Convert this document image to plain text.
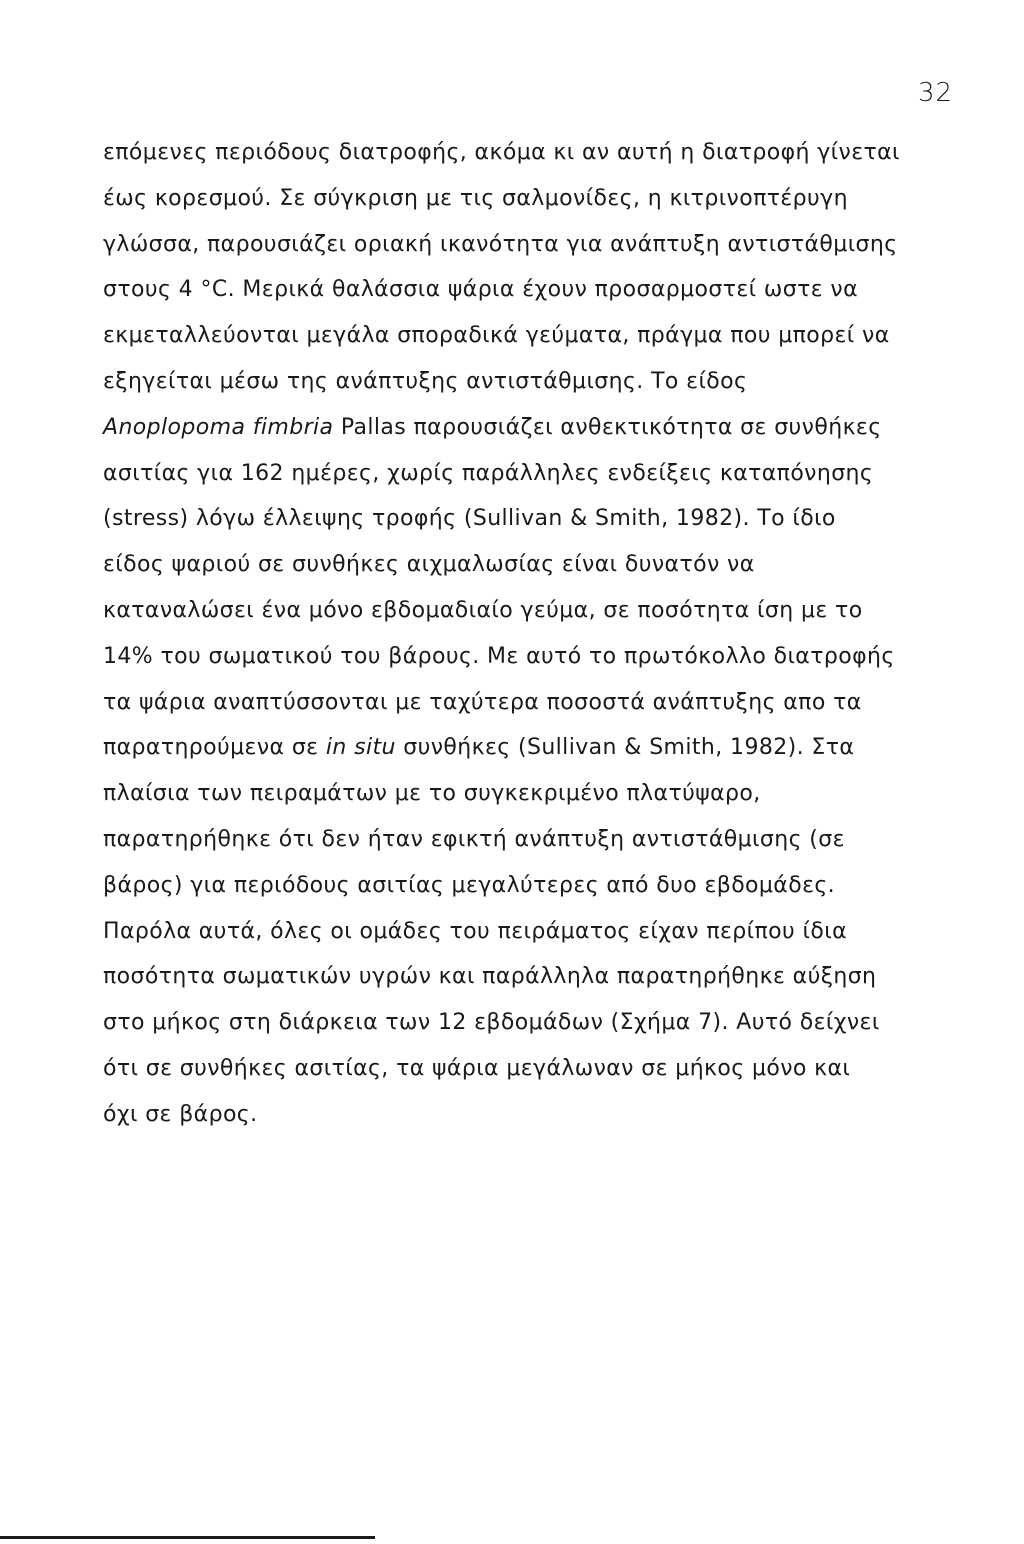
32
επόμενες περιόδους διατροφής, ακόμα κι αν αυτή η διατροφή γίνεται
έως κορεσμού. Σε σύγκριση με τις σαλμονίδες, η κιτρινοπτέρυγη
γλώσσα, παρουσιάζει οριακή ικανότητα για ανάπτυξη αντιστάθμισης
στους 4 °C. Μερικά θαλάσσια ψάρια έχουν προσαρμοστεί ωστε να
εκμεταλλεύονται μεγάλα σποραδικά γεύματα, πράγμα που μπορεί να
εξηγείται μέσω της ανάπτυξης αντιστάθμισης. Το είδος
Anoplopoma fimbria Pallas παρουσιάζει ανθεκτικότητα σε συνθήκες
ασιτίας για 162 ημέρες, χωρίς παράλληλες ενδείξεις καταπόνησης
(stress) λόγω έλλειψης τροφής (Sullivan & Smith, 1982). Το ίδιο
είδος ψαριού σε συνθήκες αιχμαλωσίας είναι δυνατόν να
καταναλώσει ένα μόνο εβδομαδιαίο γεύμα, σε ποσότητα ίση με το
14% του σωματικού του βάρους. Με αυτό το πρωτόκολλο διατροφής
τα ψάρια αναπτύσσονται με ταχύτερα ποσοστά ανάπτυξης απο τα
παρατηρούμενα σε in situ συνθήκες (Sullivan & Smith, 1982). Στα
πλαίσια των πειραμάτων με το συγκεκριμένο πλατύψαρο,
παρατηρήθηκε ότι δεν ήταν εφικτή ανάπτυξη αντιστάθμισης (σε
βάρος) για περιόδους ασιτίας μεγαλύτερες από δυο εβδομάδες.
Παρόλα αυτά, όλες οι ομάδες του πειράματος είχαν περίπου ίδια
ποσότητα σωματικών υγρών και παράλληλα παρατηρήθηκε αύξηση
στο μήκος στη διάρκεια των 12 εβδομάδων (Σχήμα 7). Αυτό δείχνει
ότι σε συνθήκες ασιτίας, τα ψάρια μεγάλωναν σε μήκος μόνο και
όχι σε βάρος.
